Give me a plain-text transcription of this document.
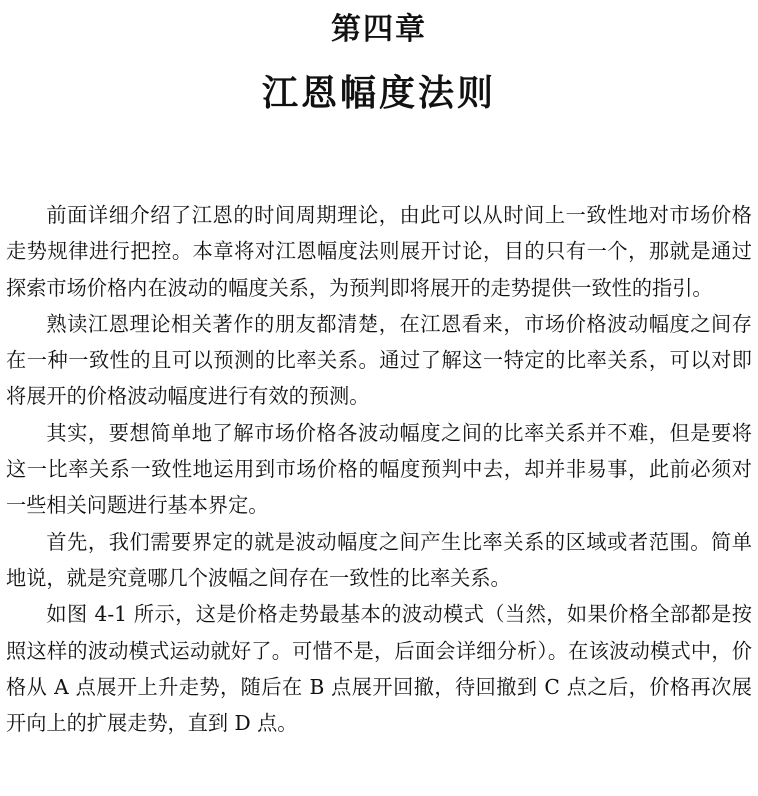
第四章
江恩幅度法则

前面详细介绍了江恩的时间周期理论，由此可以从时间上一致性地对市场价格走势规律进行把控。本章将对江恩幅度法则展开讨论，目的只有一个，那就是通过探索市场价格内在波动的幅度关系，为预判即将展开的走势提供一致性的指引。

熟读江恩理论相关著作的朋友都清楚，在江恩看来，市场价格波动幅度之间存在一种一致性的且可以预测的比率关系。通过了解这一特定的比率关系，可以对即将展开的价格波动幅度进行有效的预测。

其实，要想简单地了解市场价格各波动幅度之间的比率关系并不难，但是要将这一比率关系一致性地运用到市场价格的幅度预判中去，却并非易事，此前必须对一些相关问题进行基本界定。

首先，我们需要界定的就是波动幅度之间产生比率关系的区域或者范围。简单地说，就是究竟哪几个波幅之间存在一致性的比率关系。

如图 4-1 所示，这是价格走势最基本的波动模式（当然，如果价格全部都是按照这样的波动模式运动就好了。可惜不是，后面会详细分析）。在该波动模式中，价格从 A 点展开上升走势，随后在 B 点展开回撤，待回撤到 C 点之后，价格再次展开向上的扩展走势，直到 D 点。
